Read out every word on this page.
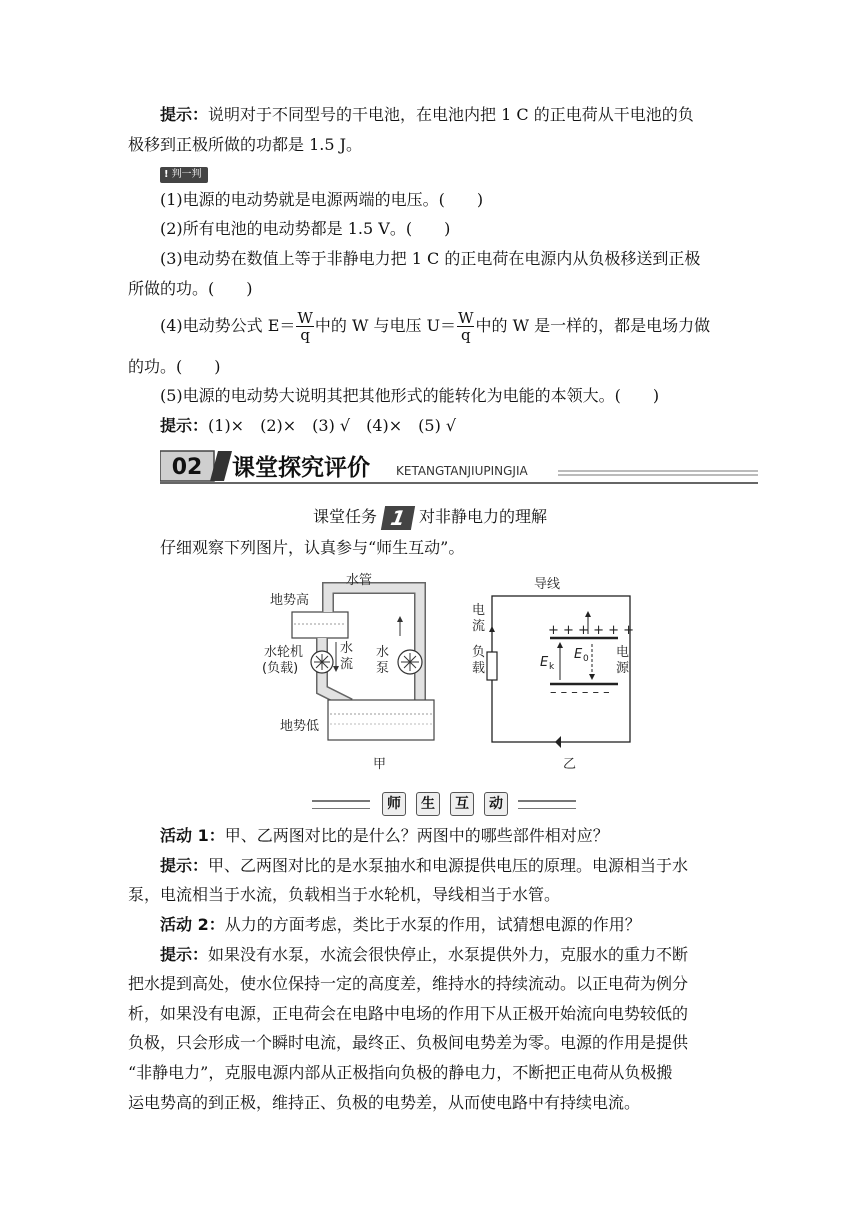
提示：说明对于不同型号的干电池，在电池内把 1 C 的正电荷从干电池的负
极移到正极所做的功都是 1.5 J。
! 判一判
(1)电源的电动势就是电源两端的电压。(　　)
(2)所有电池的电动势都是 1.5 V。(　　)
(3)电动势在数值上等于非静电力把 1 C 的正电荷在电源内从负极移送到正极
所做的功。(　　)
(4)电动势公式 $E= \frac{W}{q}$ 中的 W 与电压 $U= \frac{W}{q}$ 中的 W 是一样的，都是电场力做
的功。(　　)
(5)电源的电动势大说明其把其他形式的能转化为电能的本领大。(　　)
提示：(1)×　(2)×　(3) √　(4)×　(5) √
02 课堂探究评价 KETANGTANJIUPINGJIA
课堂任务 1 对非静电力的理解
仔细观察下列图片，认真参与“师生互动”。
地势高
水管
水轮机
(负载)
水
流
水
泵
地势低
甲
+ + + + + +
– – – – – –
导线
电
流
负
载	E k
E 0 电
源
乙
师	生	互	动
活动 1：甲、乙两图对比的是什么？两图中的哪些部件相对应？
提示：甲、乙两图对比的是水泵抽水和电源提供电压的原理。电源相当于水
泵，电流相当于水流，负载相当于水轮机，导线相当于水管。
活动 2：从力的方面考虑，类比于水泵的作用，试猜想电源的作用？
提示：如果没有水泵，水流会很快停止，水泵提供外力，克服水的重力不断
把水提到高处，使水位保持一定的高度差，维持水的持续流动。以正电荷为例分
析，如果没有电源，正电荷会在电路中电场的作用下从正极开始流向电势较低的
负极，只会形成一个瞬时电流，最终正、负极间电势差为零。电源的作用是提供
“非静电力”，克服电源内部从正极指向负极的静电力，不断把正电荷从负极搬
运电势高的到正极，维持正、负极的电势差，从而使电路中有持续电流。
